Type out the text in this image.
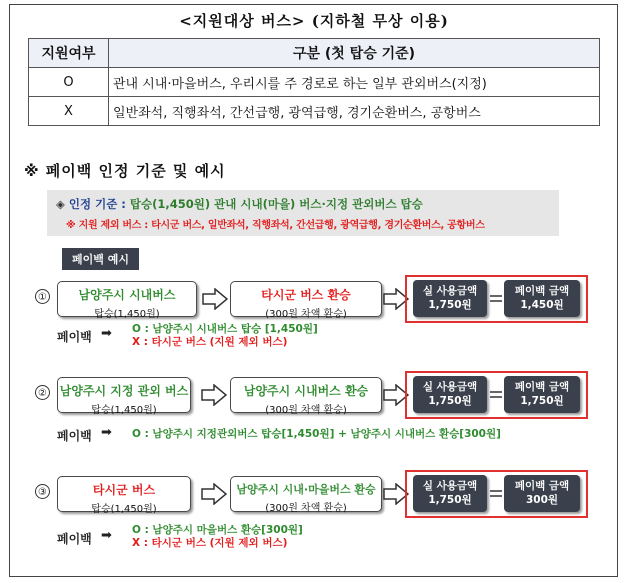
<지원대상 버스> (지하철 무상 이용)
지원여부	구분 (첫 탑승 기준)
O	관내 시내·마을버스, 우리시를 주 경로로 하는 일부 관외버스(지정)
X	일반좌석, 직행좌석, 간선급행, 광역급행, 경기순환버스, 공항버스
※ 페이백 인정 기준 및 예시
◈ 인정 기준 : 탑승(1,450원) 관내 시내(마을) 버스·지정 관외버스 탑승
※ 지원 제외 버스 : 타시군 버스, 일반좌석, 직행좌석, 간선급행, 광역급행, 경기순환버스, 공항버스
페이백 예시
①	남양주시 시내버스
탑승(1,450원)
타시군 버스 환승
(300원 차액 환승)
실 사용금액
1,750원
페이백 금액
1,450원
페이백 ➡ O : 남양주시 시내버스 탑승 [1,450원]
X : 타시군 버스 (지원 제외 버스)
② 남양주시 지정 관외 버스
탑승(1,450원)
남양주시 시내버스 환승
(300원 차액 환승)
실 사용금액
1,750원
페이백 금액
1,750원
페이백 ➡ O : 남양주시 지정관외버스 탑승[1,450원] + 남양주시 시내버스 환승[300원]
③	타시군 버스
탑승(1,450원)
남양주시 시내·마을버스 환승
(300원 차액 환승)
실 사용금액
1,750원
페이백 금액
300원
페이백 ➡ O : 남양주시 마을버스 환승[300원]
X : 타시군 버스 (지원 제외 버스)
